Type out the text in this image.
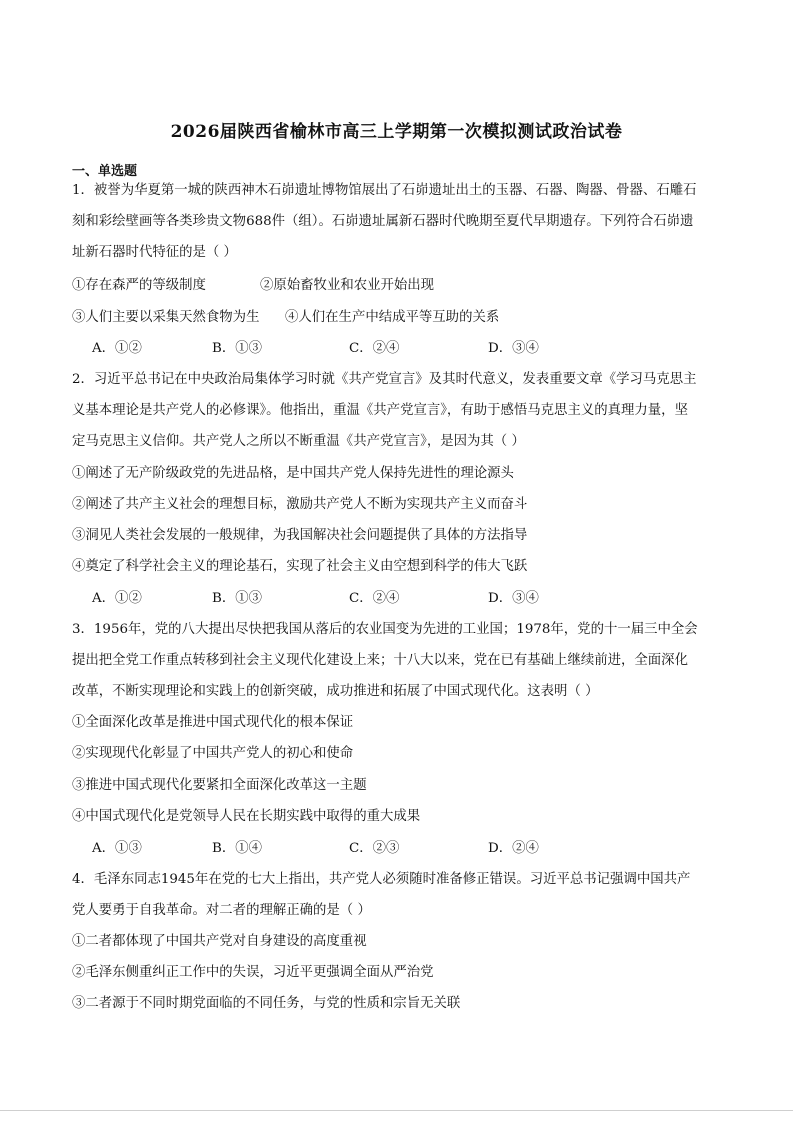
2026届陕西省榆林市高三上学期第一次模拟测试政治试卷
一、单选题
1．被誉为华夏第一城的陕西神木石峁遗址博物馆展出了石峁遗址出土的玉器、石器、陶器、骨器、石雕石
刻和彩绘壁画等各类珍贵文物688件（组）。石峁遗址属新石器时代晚期至夏代早期遗存。下列符合石峁遗
址新石器时代特征的是（ ）
①存在森严的等级制度	②原始畜牧业和农业开始出现
③人们主要以采集天然食物为生 ④人们在生产中结成平等互助的关系
A．①②	B．①③	C．②④	D．③④
2．习近平总书记在中央政治局集体学习时就《共产党宣言》及其时代意义，发表重要文章《学习马克思主
义基本理论是共产党人的必修课》。他指出，重温《共产党宣言》，有助于感悟马克思主义的真理力量，坚
定马克思主义信仰。共产党人之所以不断重温《共产党宣言》，是因为其（ ）
①阐述了无产阶级政党的先进品格，是中国共产党人保持先进性的理论源头
②阐述了共产主义社会的理想目标，激励共产党人不断为实现共产主义而奋斗
③洞见人类社会发展的一般规律，为我国解决社会问题提供了具体的方法指导
④奠定了科学社会主义的理论基石，实现了社会主义由空想到科学的伟大飞跃
A．①②	B．①③	C．②④	D．③④
3．1956年，党的八大提出尽快把我国从落后的农业国变为先进的工业国；1978年，党的十一届三中全会
提出把全党工作重点转移到社会主义现代化建设上来；十八大以来，党在已有基础上继续前进，全面深化
改革，不断实现理论和实践上的创新突破，成功推进和拓展了中国式现代化。这表明（ ）
①全面深化改革是推进中国式现代化的根本保证
②实现现代化彰显了中国共产党人的初心和使命
③推进中国式现代化要紧扣全面深化改革这一主题
④中国式现代化是党领导人民在长期实践中取得的重大成果
A．①③	B．①④	C．②③	D．②④
4．毛泽东同志1945年在党的七大上指出，共产党人必须随时准备修正错误。习近平总书记强调中国共产
党人要勇于自我革命。对二者的理解正确的是（ ）
①二者都体现了中国共产党对自身建设的高度重视
②毛泽东侧重纠正工作中的失误，习近平更强调全面从严治党
③二者源于不同时期党面临的不同任务，与党的性质和宗旨无关联
